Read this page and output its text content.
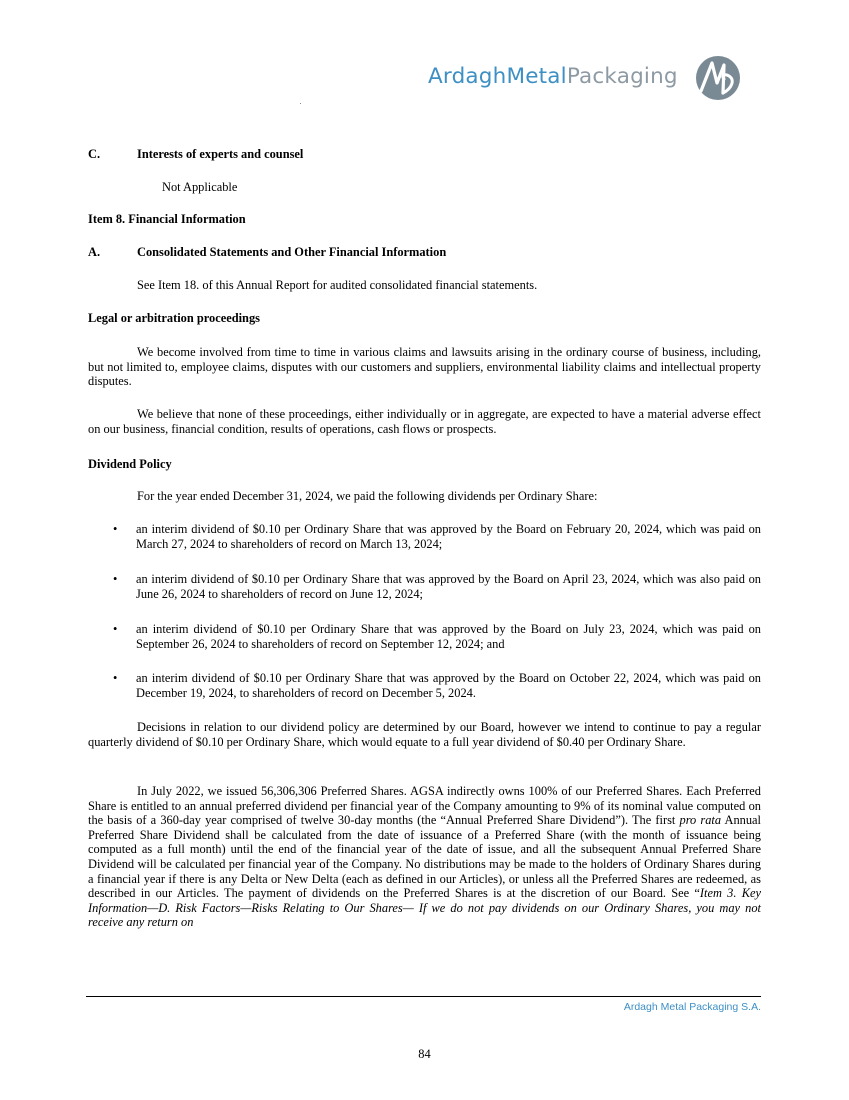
ArdaghMetalPackaging
C.	Interests of experts and counsel
Not Applicable
Item 8. Financial Information
A.	Consolidated Statements and Other Financial Information
See Item 18. of this Annual Report for audited consolidated financial statements.
Legal or arbitration proceedings
We become involved from time to time in various claims and lawsuits arising in the ordinary course of business, including, but not limited to, employee claims, disputes with our customers and suppliers, environmental liability claims and intellectual property disputes.
We believe that none of these proceedings, either individually or in aggregate, are expected to have a material adverse effect on our business, financial condition, results of operations, cash flows or prospects.
Dividend Policy
For the year ended December 31, 2024, we paid the following dividends per Ordinary Share:
• an interim dividend of $0.10 per Ordinary Share that was approved by the Board on February 20, 2024, which was paid on March 27, 2024 to shareholders of record on March 13, 2024;
• an interim dividend of $0.10 per Ordinary Share that was approved by the Board on April 23, 2024, which was also paid on June 26, 2024 to shareholders of record on June 12, 2024;
• an interim dividend of $0.10 per Ordinary Share that was approved by the Board on July 23, 2024, which was paid on September 26, 2024 to shareholders of record on September 12, 2024; and
• an interim dividend of $0.10 per Ordinary Share that was approved by the Board on October 22, 2024, which was paid on December 19, 2024, to shareholders of record on December 5, 2024.
Decisions in relation to our dividend policy are determined by our Board, however we intend to continue to pay a regular quarterly dividend of $0.10 per Ordinary Share, which would equate to a full year dividend of $0.40 per Ordinary Share.
In July 2022, we issued 56,306,306 Preferred Shares. AGSA indirectly owns 100% of our Preferred Shares. Each Preferred Share is entitled to an annual preferred dividend per financial year of the Company amounting to 9% of its nominal value computed on the basis of a 360-day year comprised of twelve 30-day months (the “Annual Preferred Share Dividend”). The first pro rata Annual Preferred Share Dividend shall be calculated from the date of issuance of a Preferred Share (with the month of issuance being computed as a full month) until the end of the financial year of the date of issue, and all the subsequent Annual Preferred Share Dividend will be calculated per financial year of the Company. No distributions may be made to the holders of Ordinary Shares during a financial year if there is any Delta or New Delta (each as defined in our Articles), or unless all the Preferred Shares are redeemed, as described in our Articles. The payment of dividends on the Preferred Shares is at the discretion of our Board. See “Item 3. Key Information—D. Risk Factors—Risks Relating to Our Shares— If we do not pay dividends on our Ordinary Shares, you may not receive any return on
Ardagh Metal Packaging S.A.
84
